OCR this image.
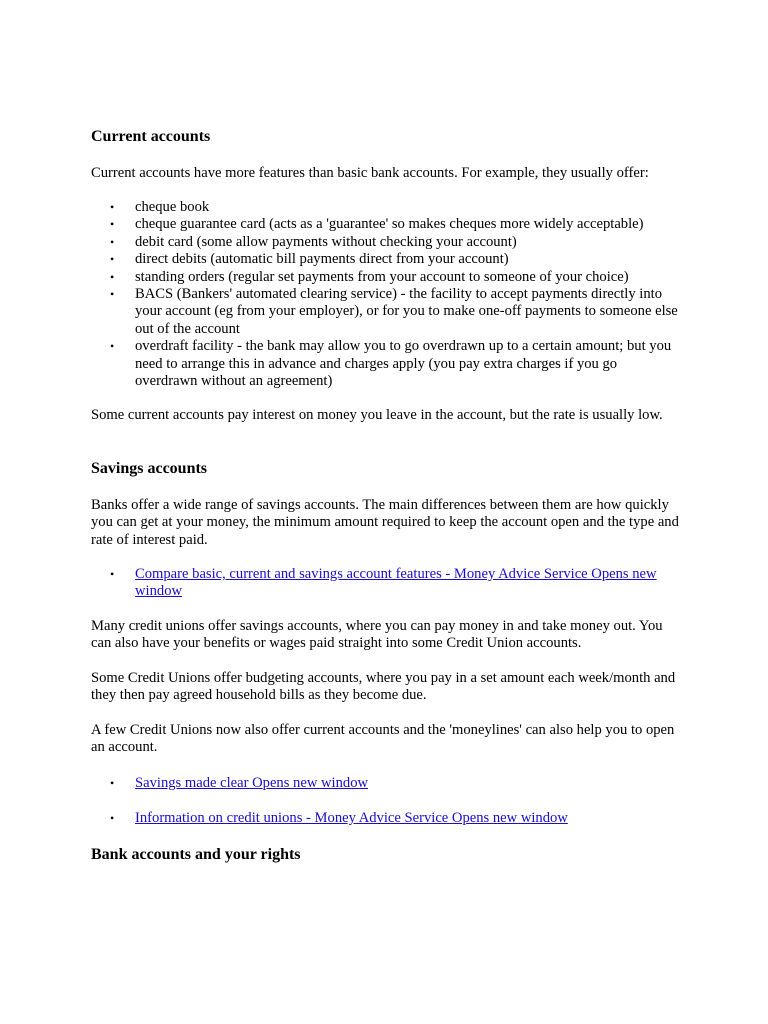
Current accounts

Current accounts have more features than basic bank accounts. For example, they usually offer:

• cheque book
• cheque guarantee card (acts as a 'guarantee' so makes cheques more widely acceptable)
• debit card (some allow payments without checking your account)
• direct debits (automatic bill payments direct from your account)
• standing orders (regular set payments from your account to someone of your choice)
• BACS (Bankers' automated clearing service) - the facility to accept payments directly into your account (eg from your employer), or for you to make one-off payments to someone else out of the account
• overdraft facility - the bank may allow you to go overdrawn up to a certain amount; but you need to arrange this in advance and charges apply (you pay extra charges if you go overdrawn without an agreement)

Some current accounts pay interest on money you leave in the account, but the rate is usually low.

Savings accounts

Banks offer a wide range of savings accounts. The main differences between them are how quickly you can get at your money, the minimum amount required to keep the account open and the type and rate of interest paid.

• Compare basic, current and savings account features - Money Advice Service Opens new window

Many credit unions offer savings accounts, where you can pay money in and take money out. You can also have your benefits or wages paid straight into some Credit Union accounts.

Some Credit Unions offer budgeting accounts, where you pay in a set amount each week/month and they then pay agreed household bills as they become due.

A few Credit Unions now also offer current accounts and the 'moneylines' can also help you to open an account.

• Savings made clear Opens new window
• Information on credit unions - Money Advice Service Opens new window
Bank accounts and your rights
